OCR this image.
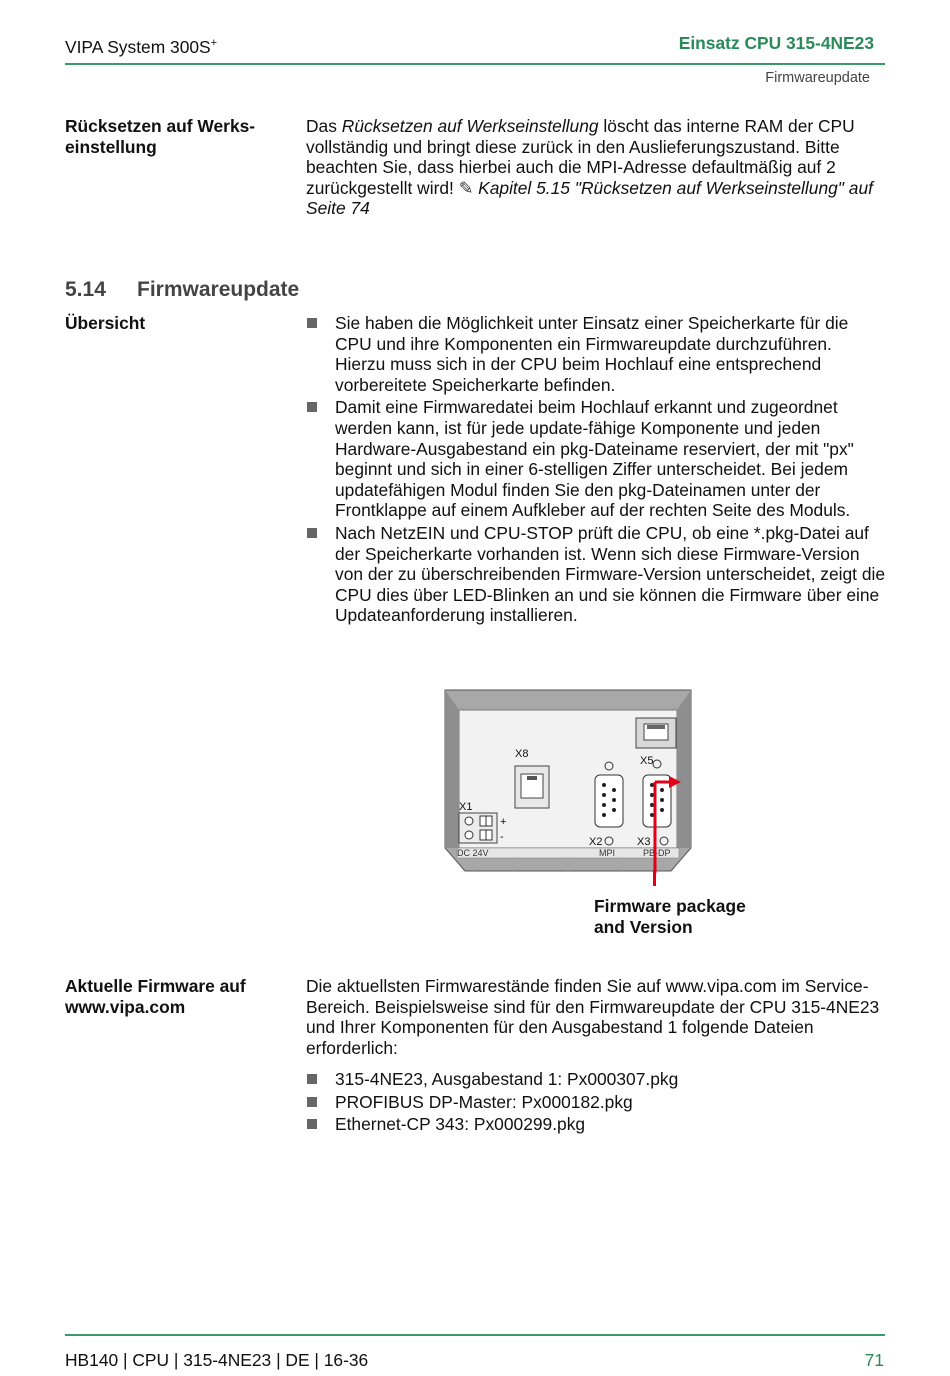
VIPA System 300S+	Einsatz CPU 315-4NE23
Firmwareupdate
Rücksetzen auf Werks-
einstellung
Das Rücksetzen auf Werkseinstellung löscht das interne RAM der CPU vollständig und bringt diese zurück in den Auslieferungszustand. Bitte beachten Sie, dass hierbei auch die MPI-Adresse defaultmäßig auf 2 zurückgestellt wird! ✎ Kapitel 5.15 "Rücksetzen auf Werkseinstellung" auf Seite 74
5.14 Firmwareupdate
Übersicht	Sie haben die Möglichkeit unter Einsatz einer Speicherkarte für die CPU und ihre Komponenten ein Firmwareupdate durchzuführen. Hierzu muss sich in der CPU beim Hochlauf eine entsprechend vorbereitete Speicherkarte befinden.
Damit eine Firmwaredatei beim Hochlauf erkannt und zugeordnet werden kann, ist für jede update-fähige Komponente und jeden Hardware-Ausgabestand ein pkg-Dateiname reserviert, der mit "px" beginnt und sich in einer 6-stelligen Ziffer unterscheidet. Bei jedem updatefähigen Modul finden Sie den pkg-Dateinamen unter der Frontklappe auf einem Aufkleber auf der rechten Seite des Moduls.
Nach NetzEIN und CPU-STOP prüft die CPU, ob eine *.pkg-Datei auf der Speicherkarte vorhanden ist. Wenn sich diese Firmware-Version von der zu überschreibenden Firmware-Version unterscheidet, zeigt die CPU dies über LED-Blinken an und sie können die Firmware über eine Updateanforderung installieren.
X5
X8
X2
MPI
X3
PB-DP
X1
+
-
DC 24V
Firmware package
and Version
Aktuelle Firmware auf
www.vipa.com
Die aktuellsten Firmwarestände finden Sie auf www.vipa.com im Service-Bereich. Beispielsweise sind für den Firmwareupdate der CPU 315-4NE23 und Ihrer Komponenten für den Ausgabestand 1 folgende Dateien erforderlich:
315-4NE23, Ausgabestand 1: Px000307.pkg
PROFIBUS DP-Master: Px000182.pkg
Ethernet-CP 343: Px000299.pkg
HB140 | CPU | 315-4NE23 | DE | 16-36	71
